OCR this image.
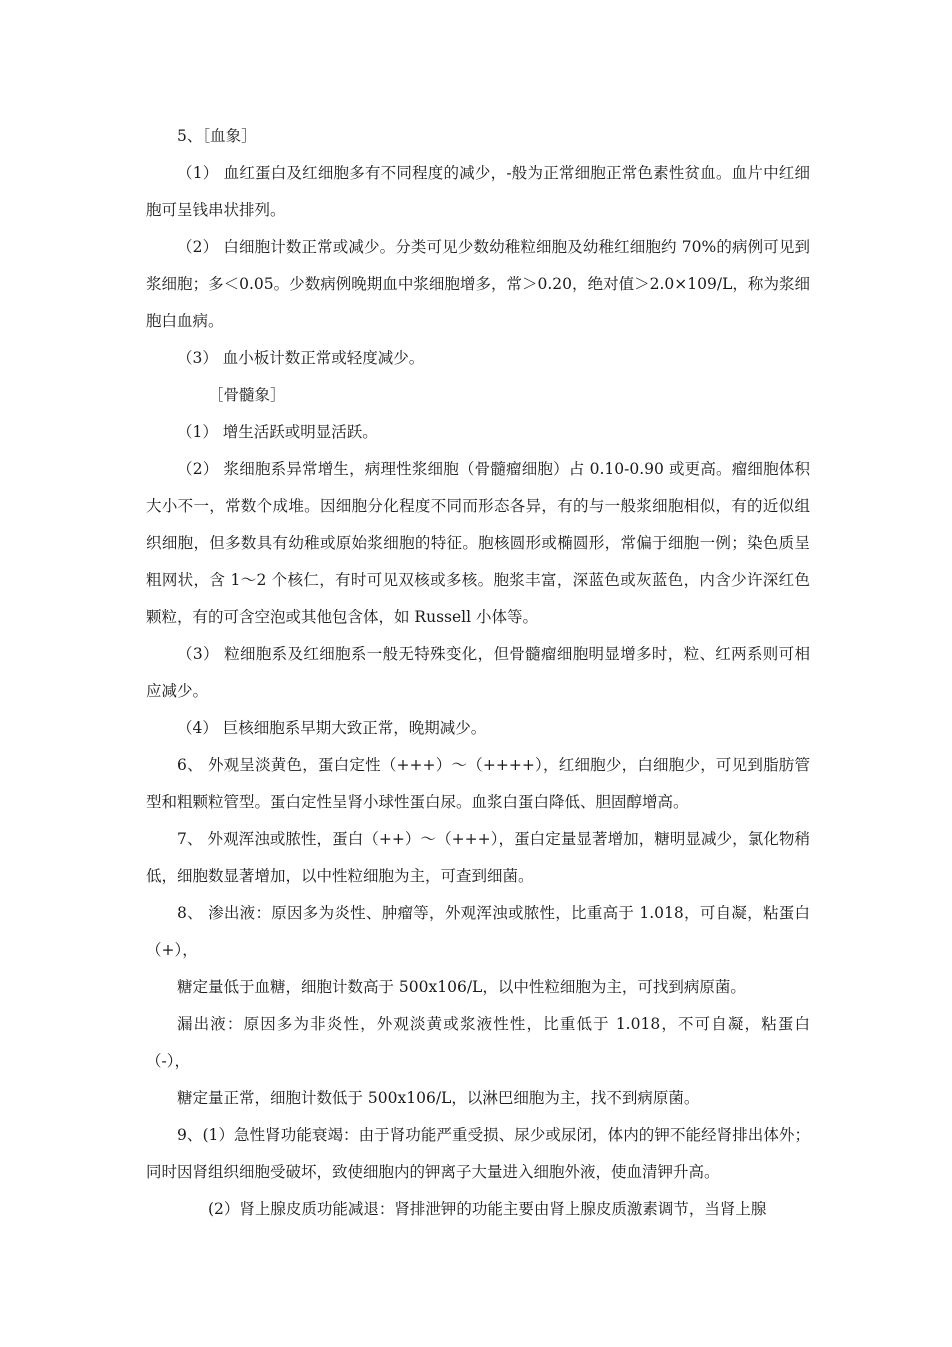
5、［血象］

（1） 血红蛋白及红细胞多有不同程度的减少，-般为正常细胞正常色素性贫血。血片中红细胞可呈钱串状排列。

（2） 白细胞计数正常或减少。分类可见少数幼稚粒细胞及幼稚红细胞约 70%的病例可见到浆细胞；多＜0.05。少数病例晚期血中浆细胞增多，常＞0.20，绝对值＞2.0×109/L，称为浆细胞白血病。

（3） 血小板计数正常或轻度减少。

［骨髓象］

（1） 增生活跃或明显活跃。

（2） 浆细胞系异常增生，病理性浆细胞（骨髓瘤细胞）占 0.10-0.90 或更高。瘤细胞体积大小不一，常数个成堆。因细胞分化程度不同而形态各异，有的与一般浆细胞相似，有的近似组织细胞，但多数具有幼稚或原始浆细胞的特征。胞核圆形或椭圆形，常偏于细胞一例；染色质呈粗网状，含 1～2 个核仁，有时可见双核或多核。胞浆丰富，深蓝色或灰蓝色，内含少许深红色颗粒，有的可含空泡或其他包含体，如 Russell 小体等。

（3） 粒细胞系及红细胞系一般无特殊变化，但骨髓瘤细胞明显增多时，粒、红两系则可相应减少。

（4） 巨核细胞系早期大致正常，晚期减少。

6、 外观呈淡黄色，蛋白定性（+++）～（++++），红细胞少，白细胞少，可见到脂肪管型和粗颗粒管型。蛋白定性呈肾小球性蛋白尿。血浆白蛋白降低、胆固醇增高。

7、 外观浑浊或脓性，蛋白（++）～（+++），蛋白定量显著增加，糖明显减少，氯化物稍低，细胞数显著增加，以中性粒细胞为主，可查到细菌。

8、 渗出液：原因多为炎性、肿瘤等，外观浑浊或脓性，比重高于 1.018，可自凝，粘蛋白（+），

糖定量低于血糖，细胞计数高于 500x106/L，以中性粒细胞为主，可找到病原菌。

漏出液：原因多为非炎性，外观淡黄或浆液性性，比重低于 1.018，不可自凝，粘蛋白（-），

糖定量正常，细胞计数低于 500x106/L，以淋巴细胞为主，找不到病原菌。

9、(1）急性肾功能衰竭：由于肾功能严重受损、尿少或尿闭，体内的钾不能经肾排出体外；同时因肾组织细胞受破坏，致使细胞内的钾离子大量进入细胞外液，使血清钾升高。

(2）肾上腺皮质功能减退：肾排泄钾的功能主要由肾上腺皮质激素调节，当肾上腺
